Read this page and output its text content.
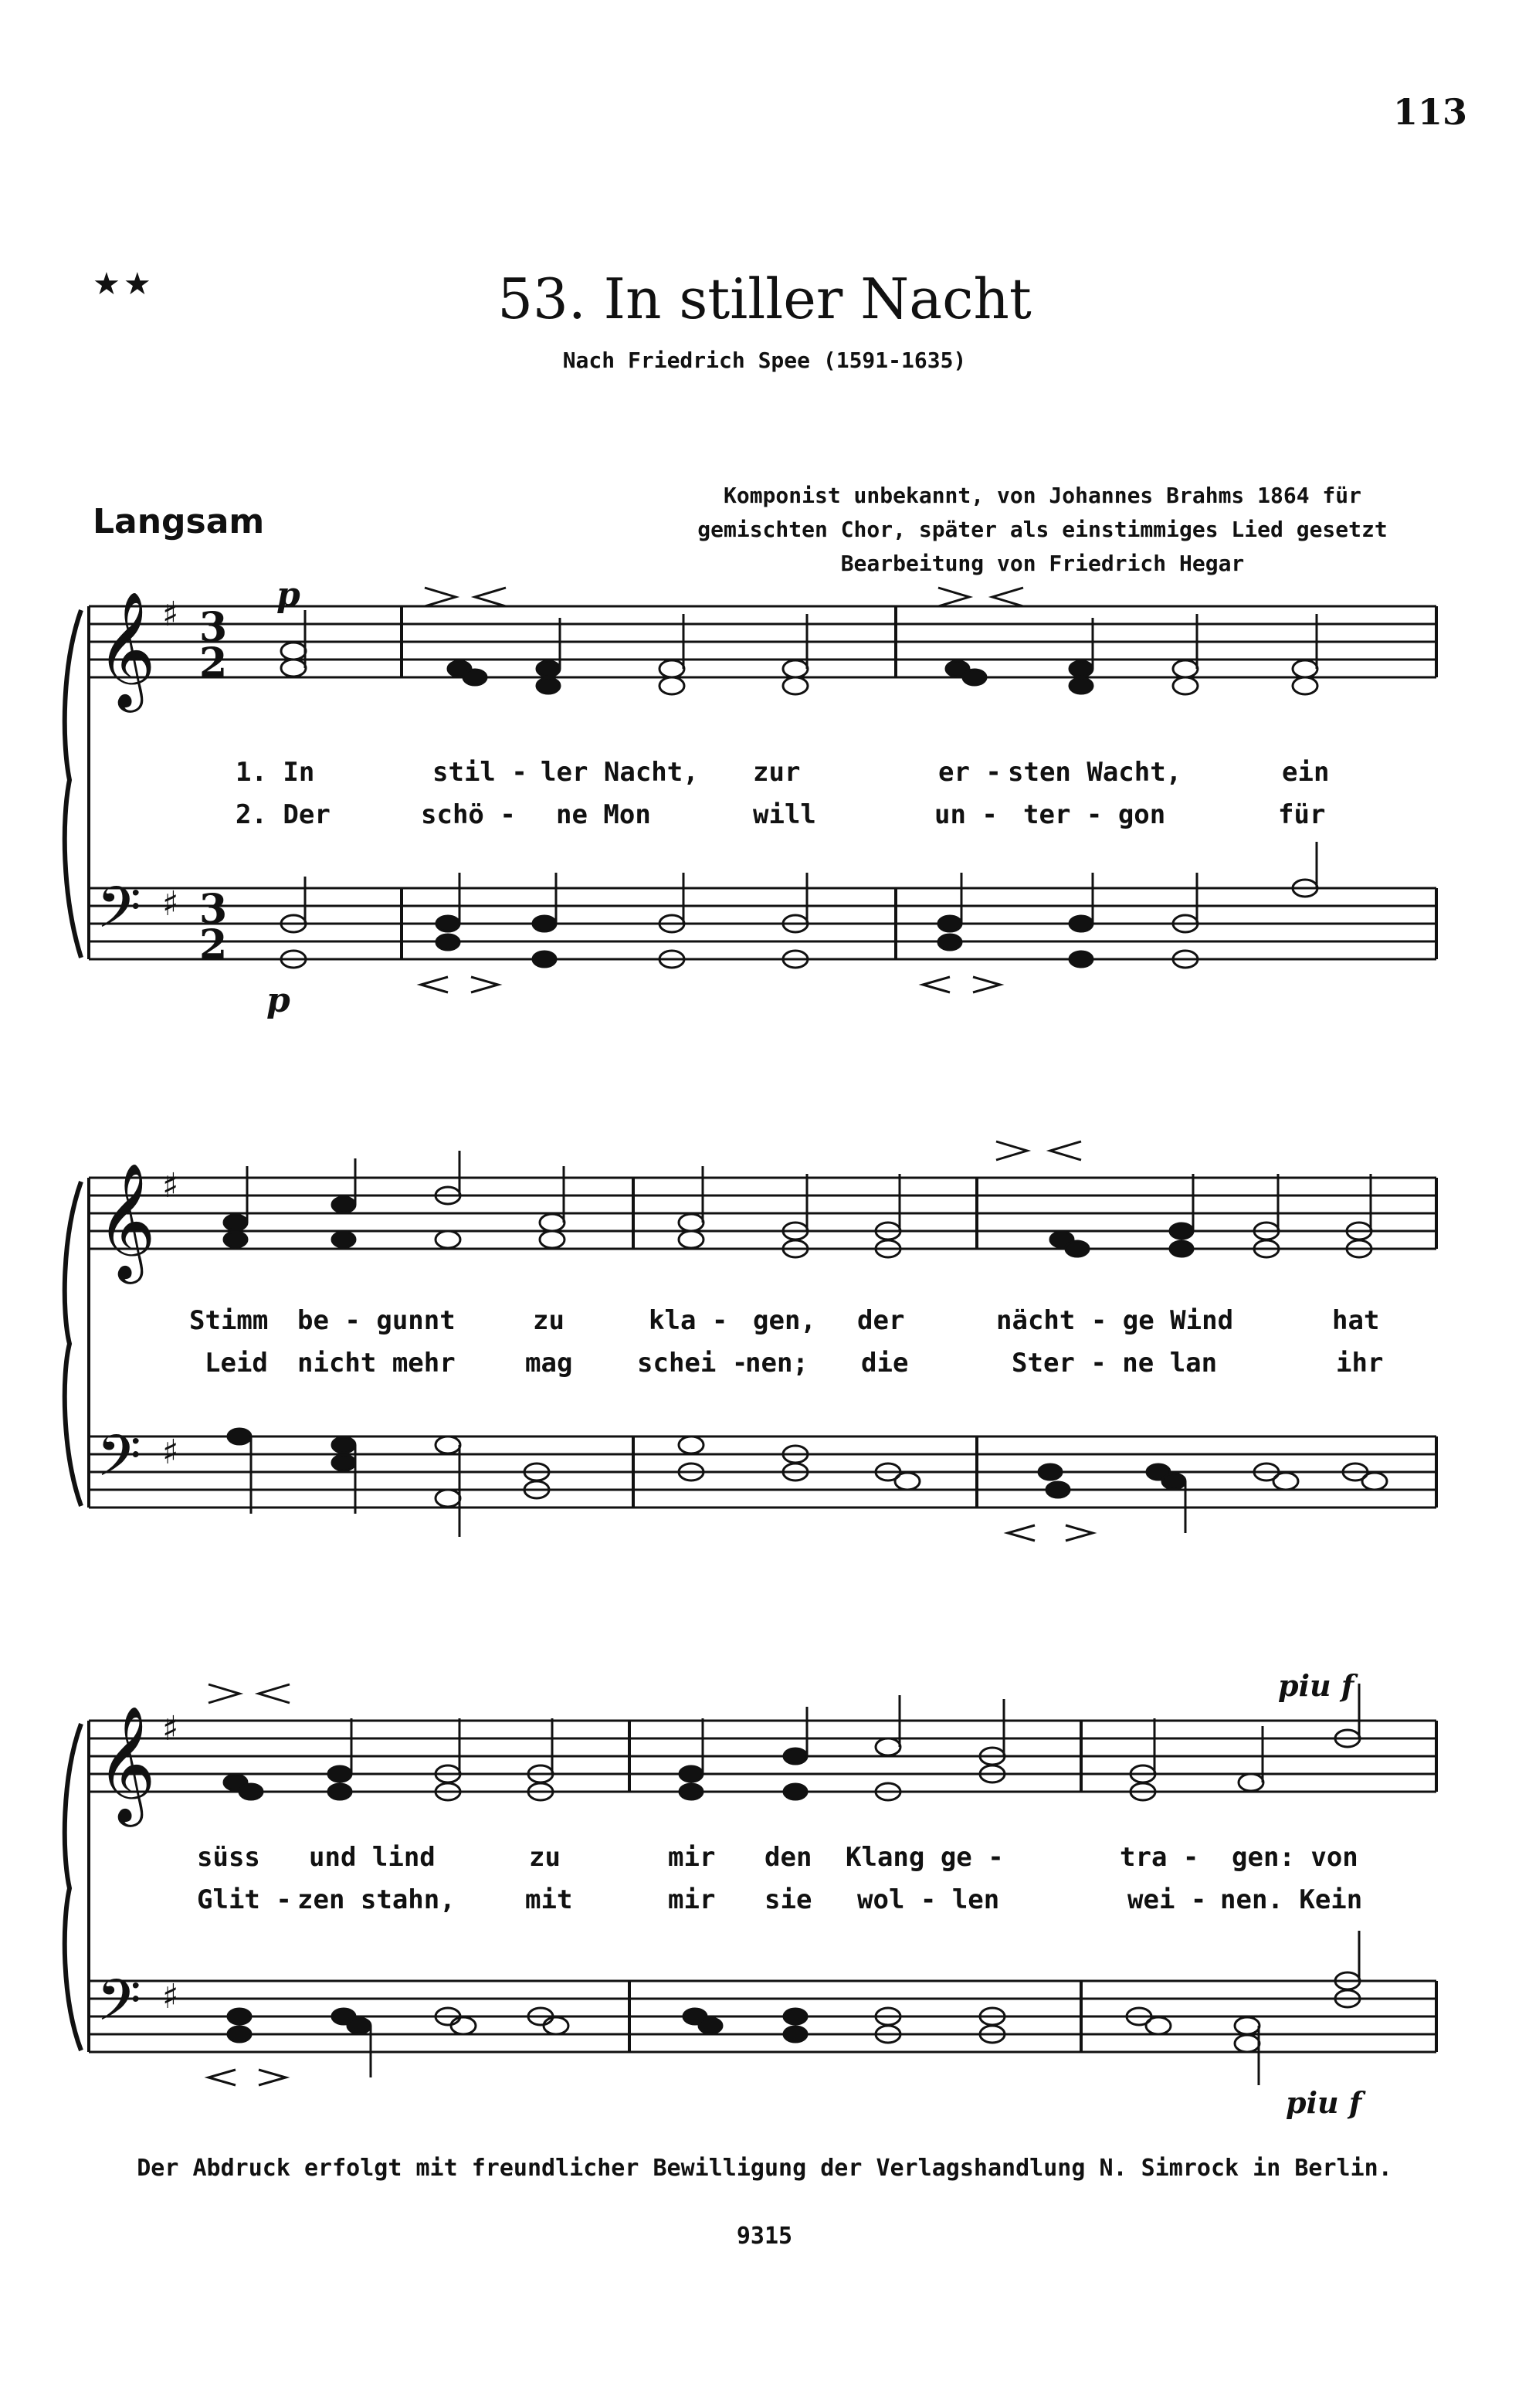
113
★★	53. In stiller Nacht
Nach Friedrich Spee (1591-1635)
Langsam
Komponist unbekannt, von Johannes Brahms 1864 für
gemischten Chor, später als einstimmiges Lied gesetzt
Bearbeitung von Friedrich Hegar
𝄞
𝄢
𝄞
𝄢
𝄞
𝄢
♯
♯
♯
♯
♯
♯
3
2
3
2
p
p
piu f
piu f
1. In	stil - ler Nacht, zur	er - sten Wacht,	ein
2. Der	schö - ne Mon	will	un - ter - gon	für
Stimm be - gunnt	zu	kla - gen, der	nächt - ge Wind	hat
Leid nicht mehr	mag schei -
nen; die	Ster - ne lan	ihr
süss und lind	zu	mir den Klang ge -	tra - gen: von
Glit - zen stahn,	mit	mir sie wol - len	wei - nen. Kein
Der Abdruck erfolgt mit freundlicher Bewilligung der Verlagshandlung N. Simrock in Berlin.
9315
